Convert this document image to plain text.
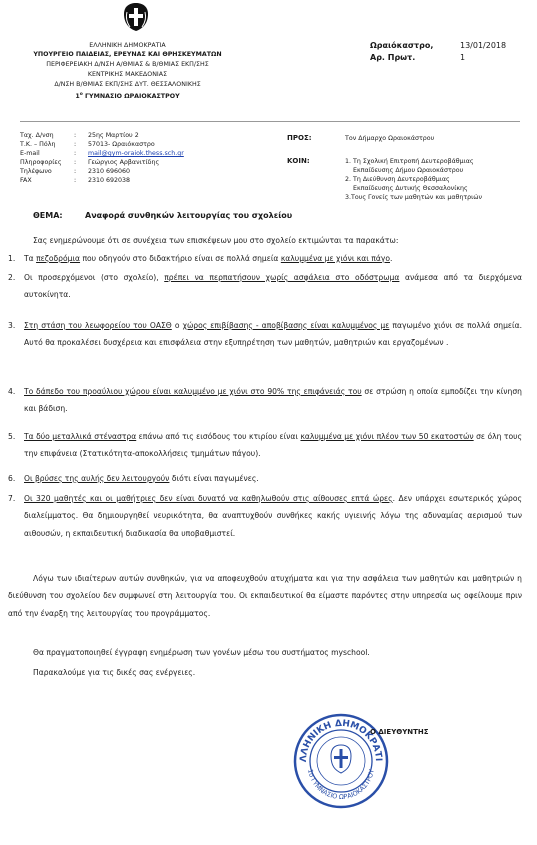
ΕΛΛΗΝΙΚΗ ΔΗΜΟΚΡΑΤΙΑ
ΥΠΟΥΡΓΕΙΟ ΠΑΙΔΕΙΑΣ, ΕΡΕΥΝΑΣ ΚΑΙ ΘΡΗΣΚΕΥΜΑΤΩΝ
ΠΕΡΙΦΕΡΕΙΑΚΗ Δ/ΝΣΗ Α/ΘΜΙΑΣ & Β/ΘΜΙΑΣ ΕΚΠ/ΣΗΣ
ΚΕΝΤΡΙΚΗΣ ΜΑΚΕΔΟΝΙΑΣ
Δ/ΝΣΗ Β/ΘΜΙΑΣ ΕΚΠ/ΣΗΣ ΔΥΤ. ΘΕΣΣΑΛΟΝΙΚΗΣ
$1^o$ ΓΥΜΝΑΣΙΟ ΩΡΑΙΟΚΑΣΤΡΟΥ
Ωραιόκαστρο,	13/01/2018
Αρ. Πρωτ.	1
Ταχ. Δ/νση	:	25ης Μαρτίου 2
Τ.Κ. – Πόλη	:	57013- Ωραιόκαστρο
E-mail	:	mail@gym-oraiok.thess.sch.gr
Πληροφορίες	:	Γεώργιος Αρβανιτίδης
Τηλέφωνο	:	2310 696060
FAX	:	2310 692038
ΠΡΟΣ:	Τον Δήμαρχο Ωραιοκάστρου
ΚΟΙΝ:	1. Τη Σχολική Επιτροπή Δευτεροβάθμιας
Εκπαίδευσης Δήμου Ωραιοκάστρου
2. Τη Διεύθυνση Δευτεροβάθμιας
Εκπαίδευσης Δυτικής Θεσσαλονίκης
3.Τους Γονείς των μαθητών και μαθητριών
ΘΕΜΑ:	Αναφορά συνθηκών λειτουργίας του σχολείου
Σας ενημερώνουμε ότι σε συνέχεια των επισκέψεων μου στο σχολείο εκτιμώνται τα παρακάτω:
1. Τα πεζοδρόμια που οδηγούν στο διδακτήριο είναι σε πολλά σημεία καλυμμένα με χιόνι και πάγο.
2. Οι προσερχόμενοι (στο σχολείο), πρέπει να περπατήσουν χωρίς ασφάλεια στο οδόστρωμα ανάμεσα από τα διερχόμενα αυτοκίνητα.
3. Στη στάση του λεωφορείου του ΟΑΣΘ ο χώρος επιβίβασης - αποβίβασης είναι καλυμμένος με παγωμένο χιόνι σε πολλά σημεία. Αυτό θα προκαλέσει δυσχέρεια και επισφάλεια στην εξυπηρέτηση των μαθητών, μαθητριών και εργαζομένων .
4. Το δάπεδο του προαύλιου χώρου είναι καλυμμένο με χιόνι στο 90% της επιφάνειάς του σε στρώση η οποία εμποδίζει την κίνηση και βάδιση.
5. Τα δύο μεταλλικά στέναστρα επάνω από τις εισόδους του κτιρίου είναι καλυμμένα με χιόνι πλέον των 50 εκατοστών σε όλη τους την επιφάνεια (Στατικότητα-αποκολλήσεις τμημάτων πάγου).
6. Οι βρύσες της αυλής δεν λειτουργούν διότι είναι παγωμένες.
7. Οι 320 μαθητές και οι μαθήτριες δεν είναι δυνατό να καθηλωθούν στις αίθουσες επτά ώρες. Δεν υπάρχει εσωτερικός χώρος διαλείμματος. Θα δημιουργηθεί νευρικότητα, θα αναπτυχθούν συνθήκες κακής υγιεινής λόγω της αδυναμίας αερισμού των αιθουσών, η εκπαιδευτική διαδικασία θα υποβαθμιστεί.
Λόγω των ιδιαίτερων αυτών συνθηκών, για να αποφευχθούν ατυχήματα και για την ασφάλεια των μαθητών και μαθητριών η διεύθυνση του σχολείου δεν συμφωνεί στη λειτουργία του. Οι εκπαιδευτικοί θα είμαστε παρόντες στην υπηρεσία ως οφείλουμε πριν από την έναρξη της λειτουργίας του προγράμματος.
Θα πραγματοποιηθεί έγγραφη ενημέρωση των γονέων μέσω του συστήματος myschool.
Παρακαλούμε για τις δικές σας ενέργειες.
ΛΛΗΝΙΚΗ ΔΗΜΟΚΡΑΤΙ
1ο ΓΥΜΝΑΣΙΟ ΩΡΑΙΟΚΑΣΤΡΟΥ
Ο ΔΙΕΥΘΥΝΤΗΣ
